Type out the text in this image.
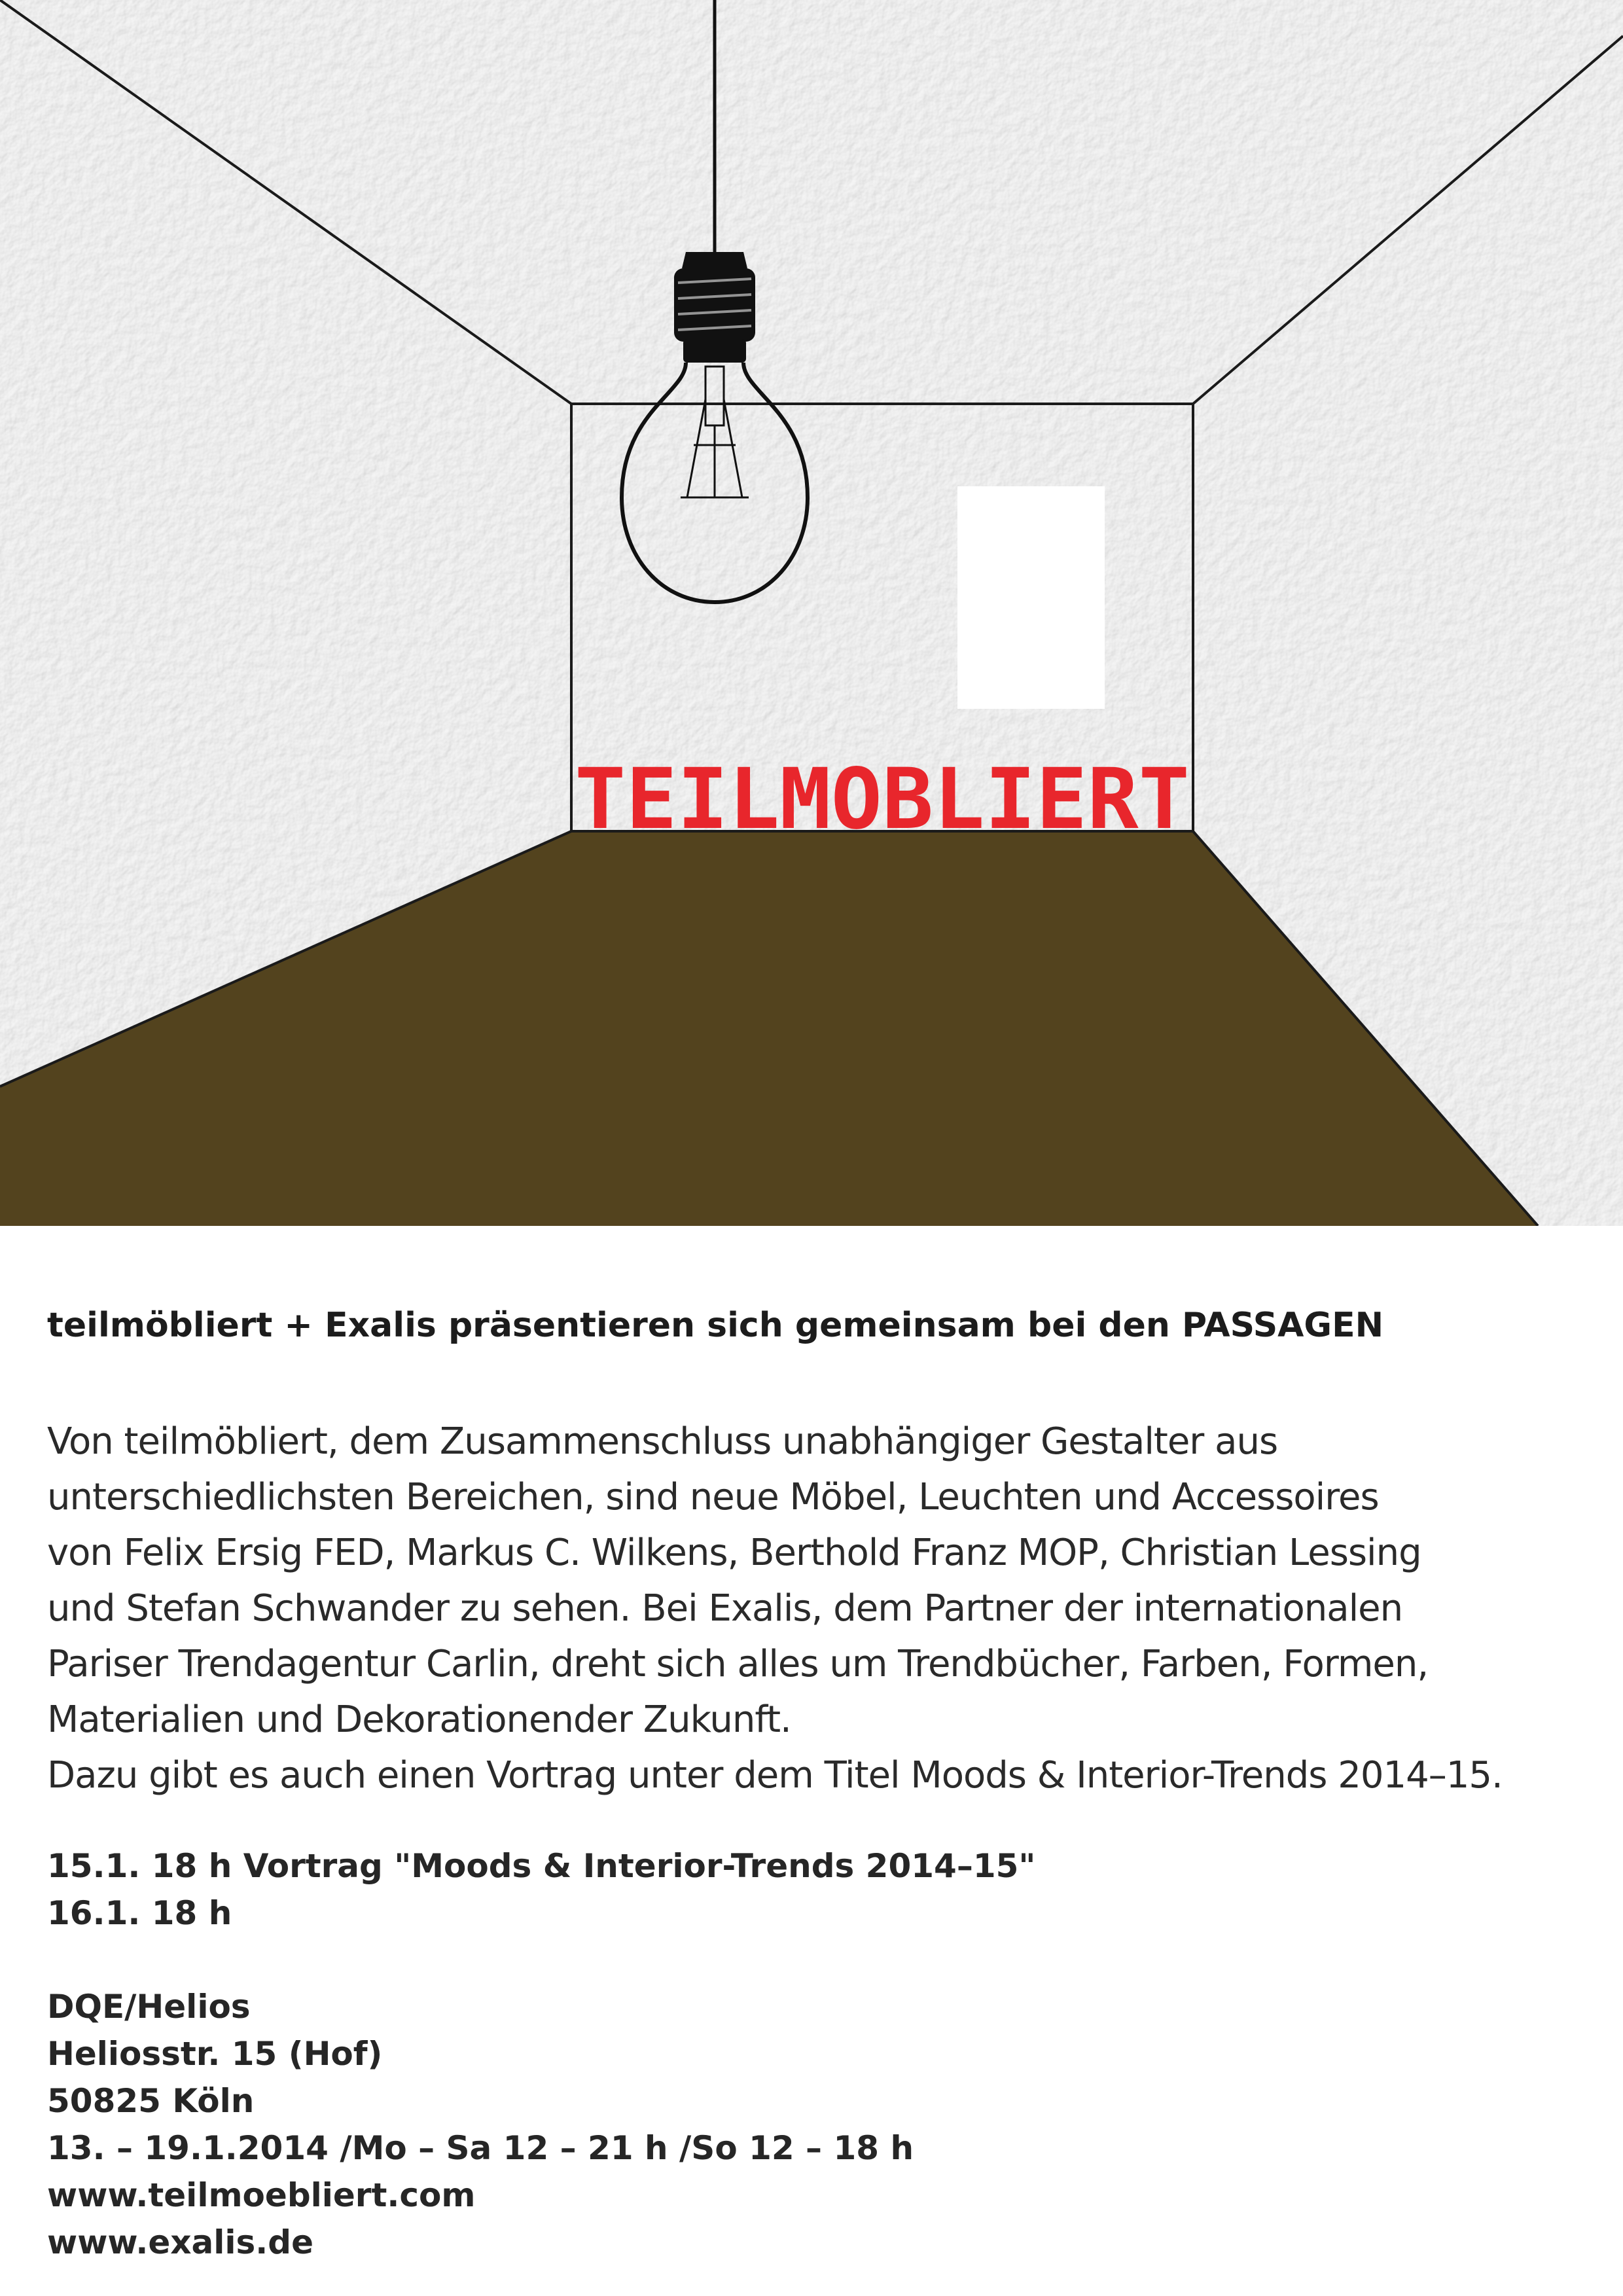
TEILMOBLIERT
teilmöbliert + Exalis präsentieren sich gemeinsam bei den PASSAGEN
Von teilmöbliert, dem Zusammenschluss unabhängiger Gestalter aus
unterschiedlichsten Bereichen, sind neue Möbel, Leuchten und Accessoires
von Felix Ersig FED, Markus C. Wilkens, Berthold Franz MOP, Christian Lessing
und Stefan Schwander zu sehen. Bei Exalis, dem Partner der internationalen
Pariser Trendagentur Carlin, dreht sich alles um Trendbücher, Farben, Formen,
Materialien und Dekorationender Zukunft.
Dazu gibt es auch einen Vortrag unter dem Titel Moods & Interior-Trends 2014–15.
15.1. 18 h Vortrag "Moods & Interior-Trends 2014–15"
16.1. 18 h
DQE/Helios
Heliosstr. 15 (Hof)
50825 Köln
13. – 19.1.2014 /Mo – Sa 12 – 21 h /So 12 – 18 h
www.teilmoebliert.com
www.exalis.de
